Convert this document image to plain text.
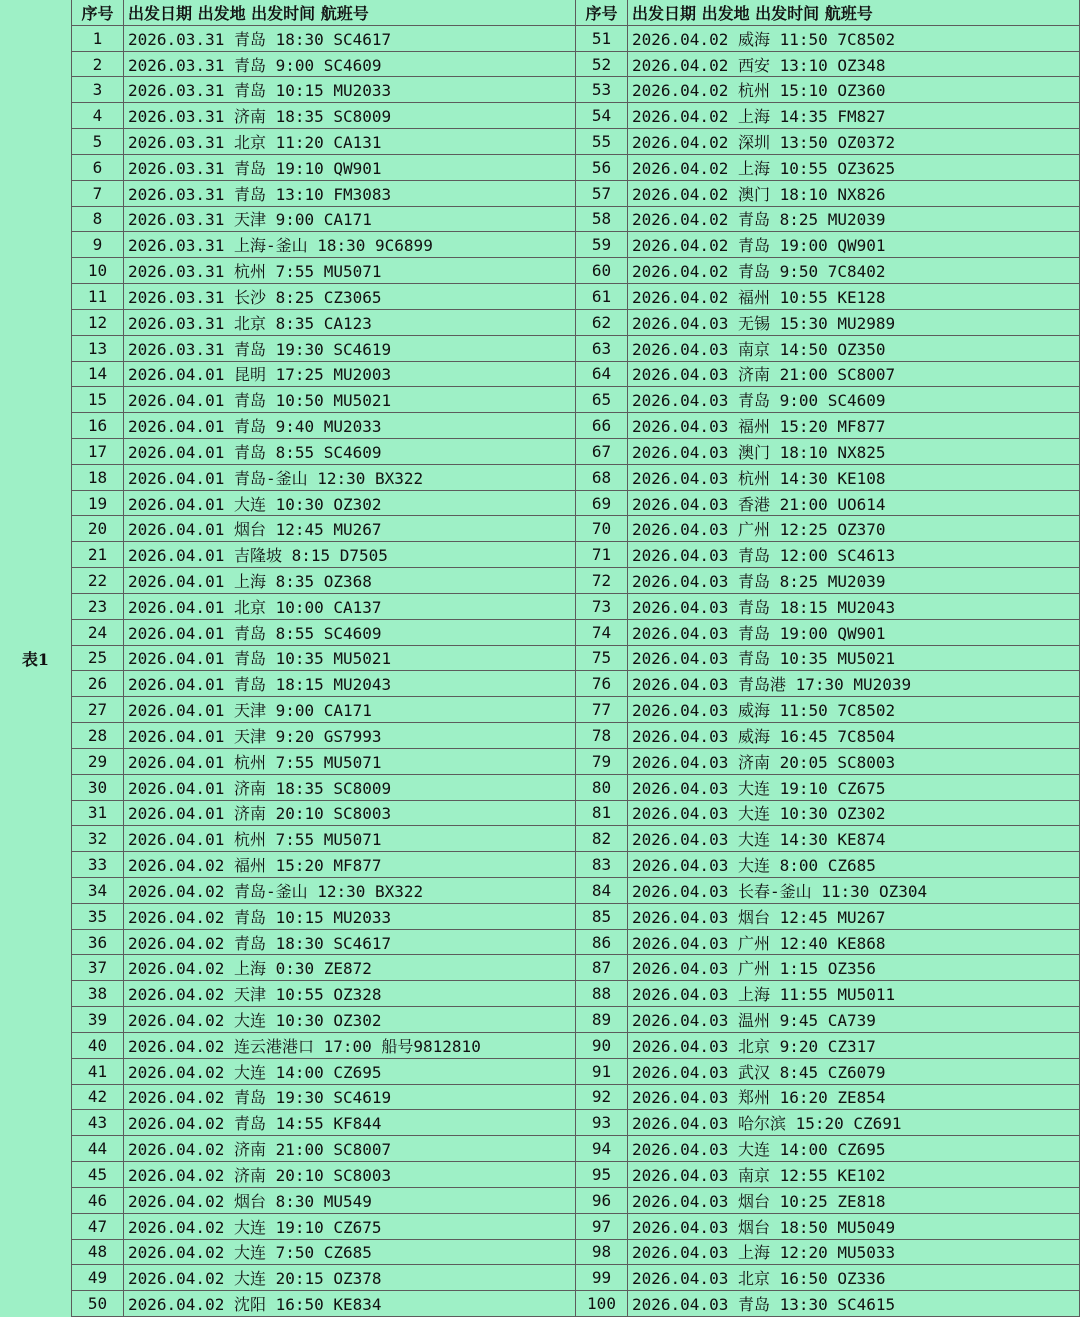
表1
序号 出发日期 出发地 出发时间 航班号	序号 出发日期 出发地 出发时间 航班号
1	2026.03.31 青岛 18:30 SC4617	51	2026.04.02 威海 11:50 7C8502
2	2026.03.31 青岛 9:00 SC4609	52	2026.04.02 西安 13:10 OZ348
3	2026.03.31 青岛 10:15 MU2033	53	2026.04.02 杭州 15:10 OZ360
4	2026.03.31 济南 18:35 SC8009	54	2026.04.02 上海 14:35 FM827
5	2026.03.31 北京 11:20 CA131	55	2026.04.02 深圳 13:50 OZ0372
6	2026.03.31 青岛 19:10 QW901	56	2026.04.02 上海 10:55 OZ3625
7	2026.03.31 青岛 13:10 FM3083	57	2026.04.02 澳门 18:10 NX826
8	2026.03.31 天津 9:00 CA171	58	2026.04.02 青岛 8:25 MU2039
9	2026.03.31 上海-釜山 18:30 9C6899	59	2026.04.02 青岛 19:00 QW901
10	2026.03.31 杭州 7:55 MU5071	60	2026.04.02 青岛 9:50 7C8402
11	2026.03.31 长沙 8:25 CZ3065	61	2026.04.02 福州 10:55 KE128
12	2026.03.31 北京 8:35 CA123	62	2026.04.03 无锡 15:30 MU2989
13	2026.03.31 青岛 19:30 SC4619	63	2026.04.03 南京 14:50 OZ350
14	2026.04.01 昆明 17:25 MU2003	64	2026.04.03 济南 21:00 SC8007
15	2026.04.01 青岛 10:50 MU5021	65	2026.04.03 青岛 9:00 SC4609
16	2026.04.01 青岛 9:40 MU2033	66	2026.04.03 福州 15:20 MF877
17	2026.04.01 青岛 8:55 SC4609	67	2026.04.03 澳门 18:10 NX825
18	2026.04.01 青岛-釜山 12:30 BX322	68	2026.04.03 杭州 14:30 KE108
19	2026.04.01 大连 10:30 OZ302	69	2026.04.03 香港 21:00 UO614
20	2026.04.01 烟台 12:45 MU267	70	2026.04.03 广州 12:25 OZ370
21	2026.04.01 吉隆坡 8:15 D7505	71	2026.04.03 青岛 12:00 SC4613
22	2026.04.01 上海 8:35 OZ368	72	2026.04.03 青岛 8:25 MU2039
23	2026.04.01 北京 10:00 CA137	73	2026.04.03 青岛 18:15 MU2043
24	2026.04.01 青岛 8:55 SC4609	74	2026.04.03 青岛 19:00 QW901
25	2026.04.01 青岛 10:35 MU5021	75	2026.04.03 青岛 10:35 MU5021
26	2026.04.01 青岛 18:15 MU2043	76	2026.04.03 青岛港 17:30 MU2039
27	2026.04.01 天津 9:00 CA171	77	2026.04.03 威海 11:50 7C8502
28	2026.04.01 天津 9:20 GS7993	78	2026.04.03 威海 16:45 7C8504
29	2026.04.01 杭州 7:55 MU5071	79	2026.04.03 济南 20:05 SC8003
30	2026.04.01 济南 18:35 SC8009	80	2026.04.03 大连 19:10 CZ675
31	2026.04.01 济南 20:10 SC8003	81	2026.04.03 大连 10:30 OZ302
32	2026.04.01 杭州 7:55 MU5071	82	2026.04.03 大连 14:30 KE874
33	2026.04.02 福州 15:20 MF877	83	2026.04.03 大连 8:00 CZ685
34	2026.04.02 青岛-釜山 12:30 BX322	84	2026.04.03 长春-釜山 11:30 OZ304
35	2026.04.02 青岛 10:15 MU2033	85	2026.04.03 烟台 12:45 MU267
36	2026.04.02 青岛 18:30 SC4617	86	2026.04.03 广州 12:40 KE868
37	2026.04.02 上海 0:30 ZE872	87	2026.04.03 广州 1:15 OZ356
38	2026.04.02 天津 10:55 OZ328	88	2026.04.03 上海 11:55 MU5011
39	2026.04.02 大连 10:30 OZ302	89	2026.04.03 温州 9:45 CA739
40	2026.04.02 连云港港口 17:00 船号9812810	90	2026.04.03 北京 9:20 CZ317
41	2026.04.02 大连 14:00 CZ695	91	2026.04.03 武汉 8:45 CZ6079
42	2026.04.02 青岛 19:30 SC4619	92	2026.04.03 郑州 16:20 ZE854
43	2026.04.02 青岛 14:55 KF844	93	2026.04.03 哈尔滨 15:20 CZ691
44	2026.04.02 济南 21:00 SC8007	94	2026.04.03 大连 14:00 CZ695
45	2026.04.02 济南 20:10 SC8003	95	2026.04.03 南京 12:55 KE102
46	2026.04.02 烟台 8:30 MU549	96	2026.04.03 烟台 10:25 ZE818
47	2026.04.02 大连 19:10 CZ675	97	2026.04.03 烟台 18:50 MU5049
48	2026.04.02 大连 7:50 CZ685	98	2026.04.03 上海 12:20 MU5033
49	2026.04.02 大连 20:15 OZ378	99	2026.04.03 北京 16:50 OZ336
50	2026.04.02 沈阳 16:50 KE834	100	2026.04.03 青岛 13:30 SC4615
